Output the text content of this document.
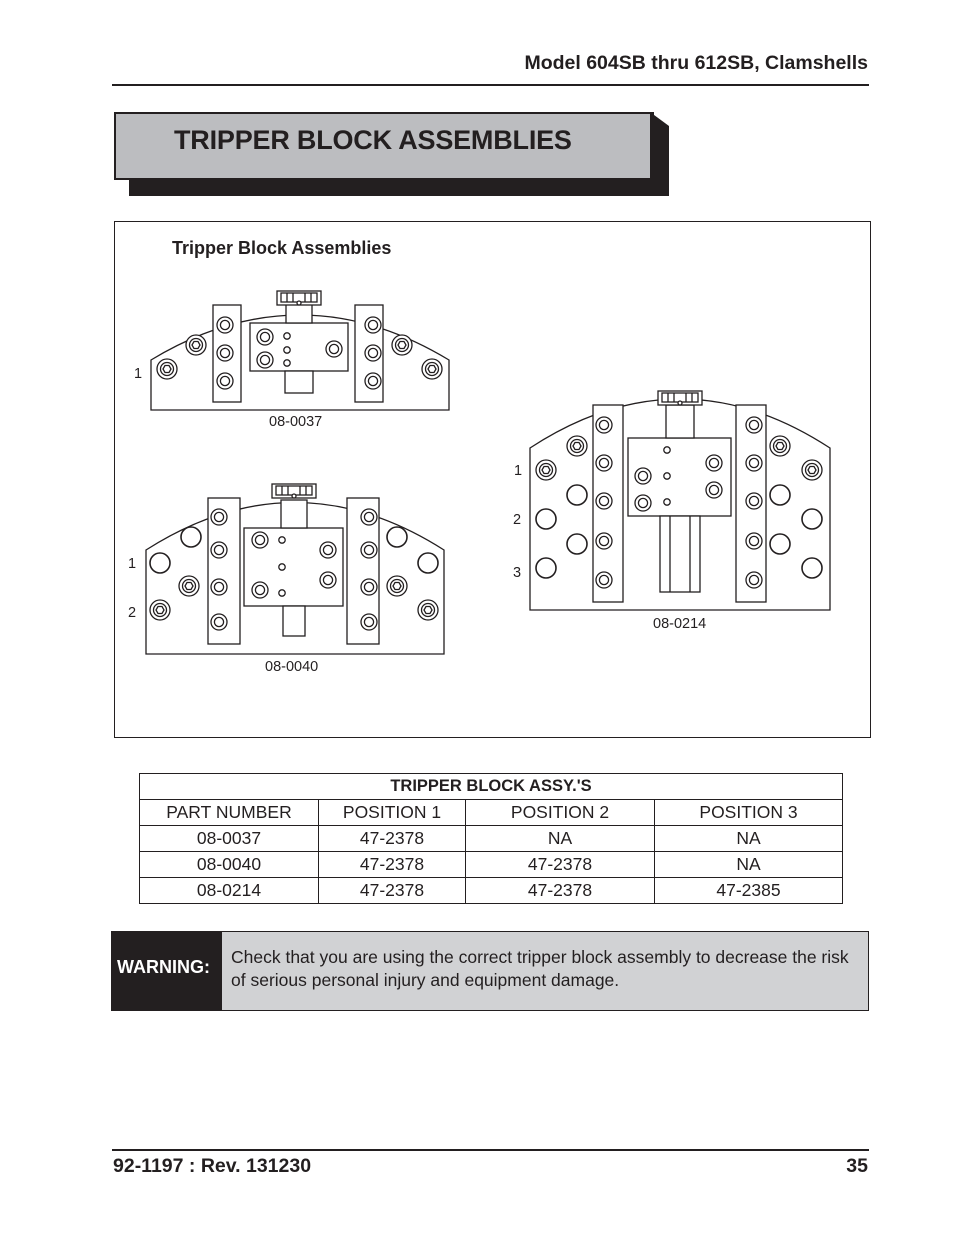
Model 604SB thru 612SB, Clamshells
TRIPPER BLOCK ASSEMBLIES
Tripper Block Assemblies
08-0037
1
08-0040
1
2
08-0214
1
2
3
TRIPPER BLOCK ASSY.'S			
PART NUMBER	POSITION 1	POSITION 2	POSITION 3
08-0037	47-2378	NA	NA
08-0040	47-2378	47-2378	NA
08-0214	47-2378	47-2378	47-2385
WARNING: Check that you are using the correct tripper block assembly to decrease the risk of serious personal injury and equipment damage.
92-1197 : Rev. 131230	35
